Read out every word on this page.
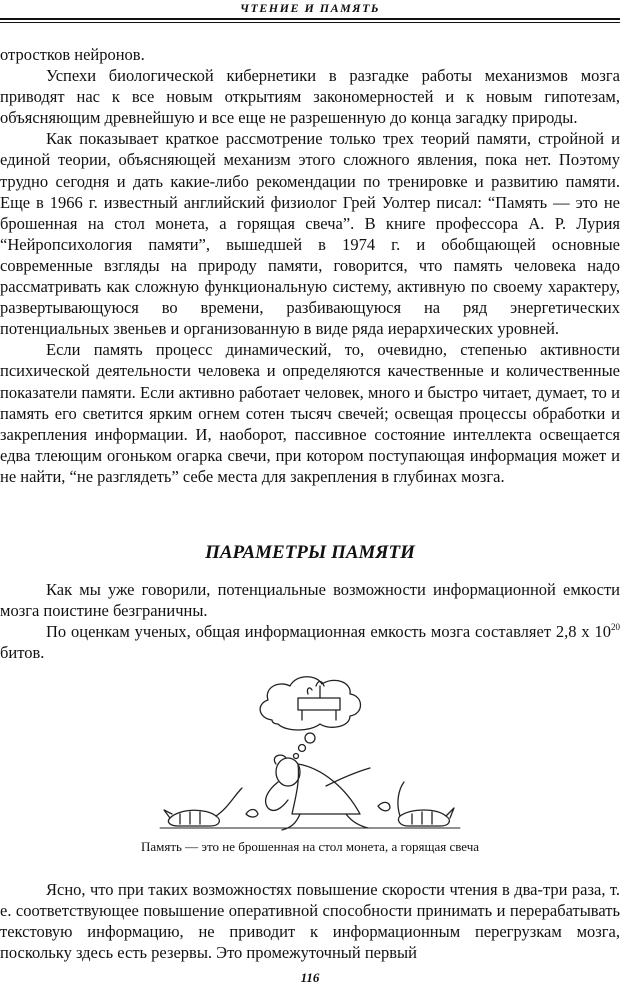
ЧТЕНИЕ И ПАМЯТЬ

отростков нейронов.

Успехи биологической кибернетики в разгадке работы механизмов мозга приводят нас к все новым открытиям закономерностей и к новым гипотезам, объясняющим древнейшую и все еще не разрешенную до конца загадку природы.

Как показывает краткое рассмотрение только трех теорий памяти, стройной и единой теории, объясняющей механизм этого сложного явления, пока нет. Поэтому трудно сегодня и дать какие-либо рекомендации по тренировке и развитию памяти. Еще в 1966 г. известный английский физиолог Грей Уолтер писал: “Память — это не брошенная на стол монета, а горящая свеча”. В книге профессора А. Р. Лурия “Нейропсихология памяти”, вышедшей в 1974 г. и обобщающей основные современные взгляды на природу памяти, говорится, что память человека надо рассматривать как сложную функциональную систему, активную по своему характеру, развертывающуюся во времени, разбивающуюся на ряд энергетических потенциальных звеньев и организованную в виде ряда иерархических уровней.

Если память процесс динамический, то, очевидно, степенью активности психической деятельности человека и определяются качественные и количественные показатели памяти. Если активно работает человек, много и быстро читает, думает, то и память его светится ярким огнем сотен тысяч свечей; освещая процессы обработки и закрепления информации. И, наоборот, пассивное состояние интеллекта освещается едва тлеющим огоньком огарка свечи, при котором поступающая информация может и не найти, “не разглядеть” себе места для закрепления в глубинах мозга.

ПАРАМЕТРЫ ПАМЯТИ

Как мы уже говорили, потенциальные возможности информационной емкости мозга поистине безграничны.

По оценкам ученых, общая информационная емкость мозга составляет 2,8 х $10^{20}$ битов.

Память — это не брошенная на стол монета, а горящая свеча

Ясно, что при таких возможностях повышение скорости чтения в два-три раза, т. е. соответствующее повышение оперативной способности принимать и перерабатывать текстовую информацию, не приводит к информационным перегрузкам мозга, поскольку здесь есть резервы. Это промежуточный первый

116
